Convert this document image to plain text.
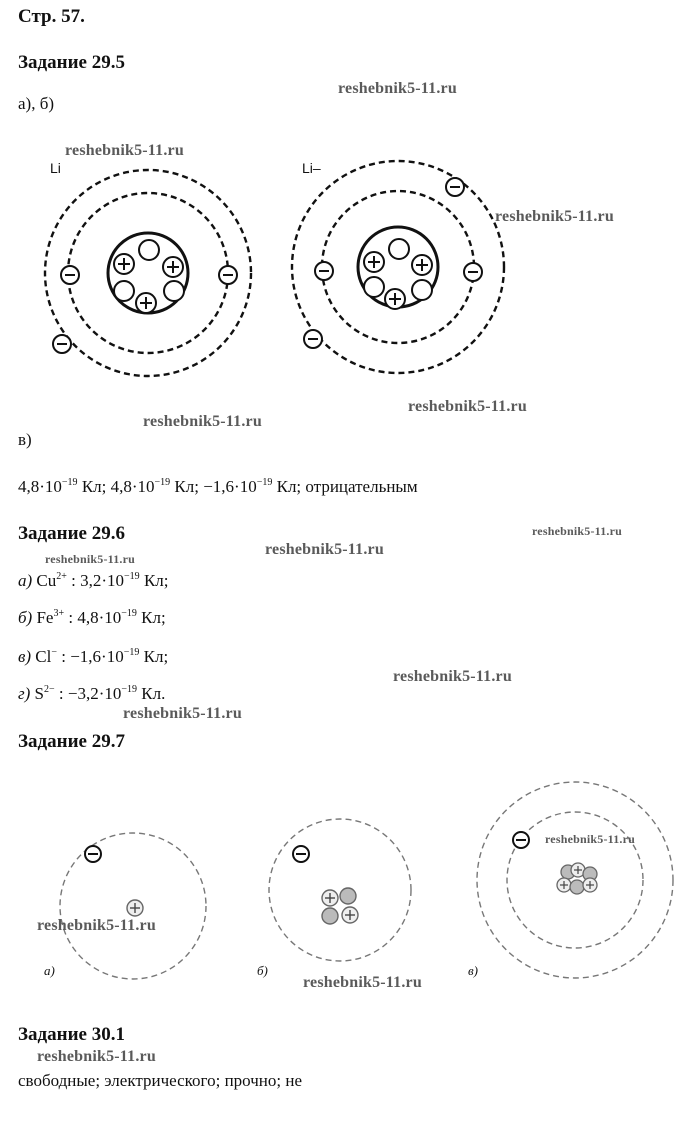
Стр. 57.
Задание 29.5
а), б)
reshebnik5-11.ru
reshebnik5-11.ru
reshebnik5-11.ru
Li	Li–
reshebnik5-11.ru
reshebnik5-11.ru
в)
$4,8\cdot 10^{-19}$ Кл; $4,8\cdot 10^{-19}$ Кл; $-1,6\cdot 10^{-19}$ Кл; отрицательным
Задание 29.6	reshebnik5-11.ru
reshebnik5-11.ru
reshebnik5-11.ru
а) $Cu^{2+}$ : $3,2\cdot 10^{-19}$ Кл;
б) $Fe^{3+}$ : $4,8\cdot 10^{-19}$ Кл;
в) Cl− : $-1,6\cdot 10^{-19}$ Кл;
reshebnik5-11.ru
г) $S^{2-}$ : $-3,2\cdot 10^{-19}$ Кл.
reshebnik5-11.ru
Задание 29.7
reshebnik5-11.ru
reshebnik5-11.ru
а)	б)	в)
reshebnik5-11.ru
Задание 30.1
reshebnik5-11.ru
свободные; электрического; прочно; не
